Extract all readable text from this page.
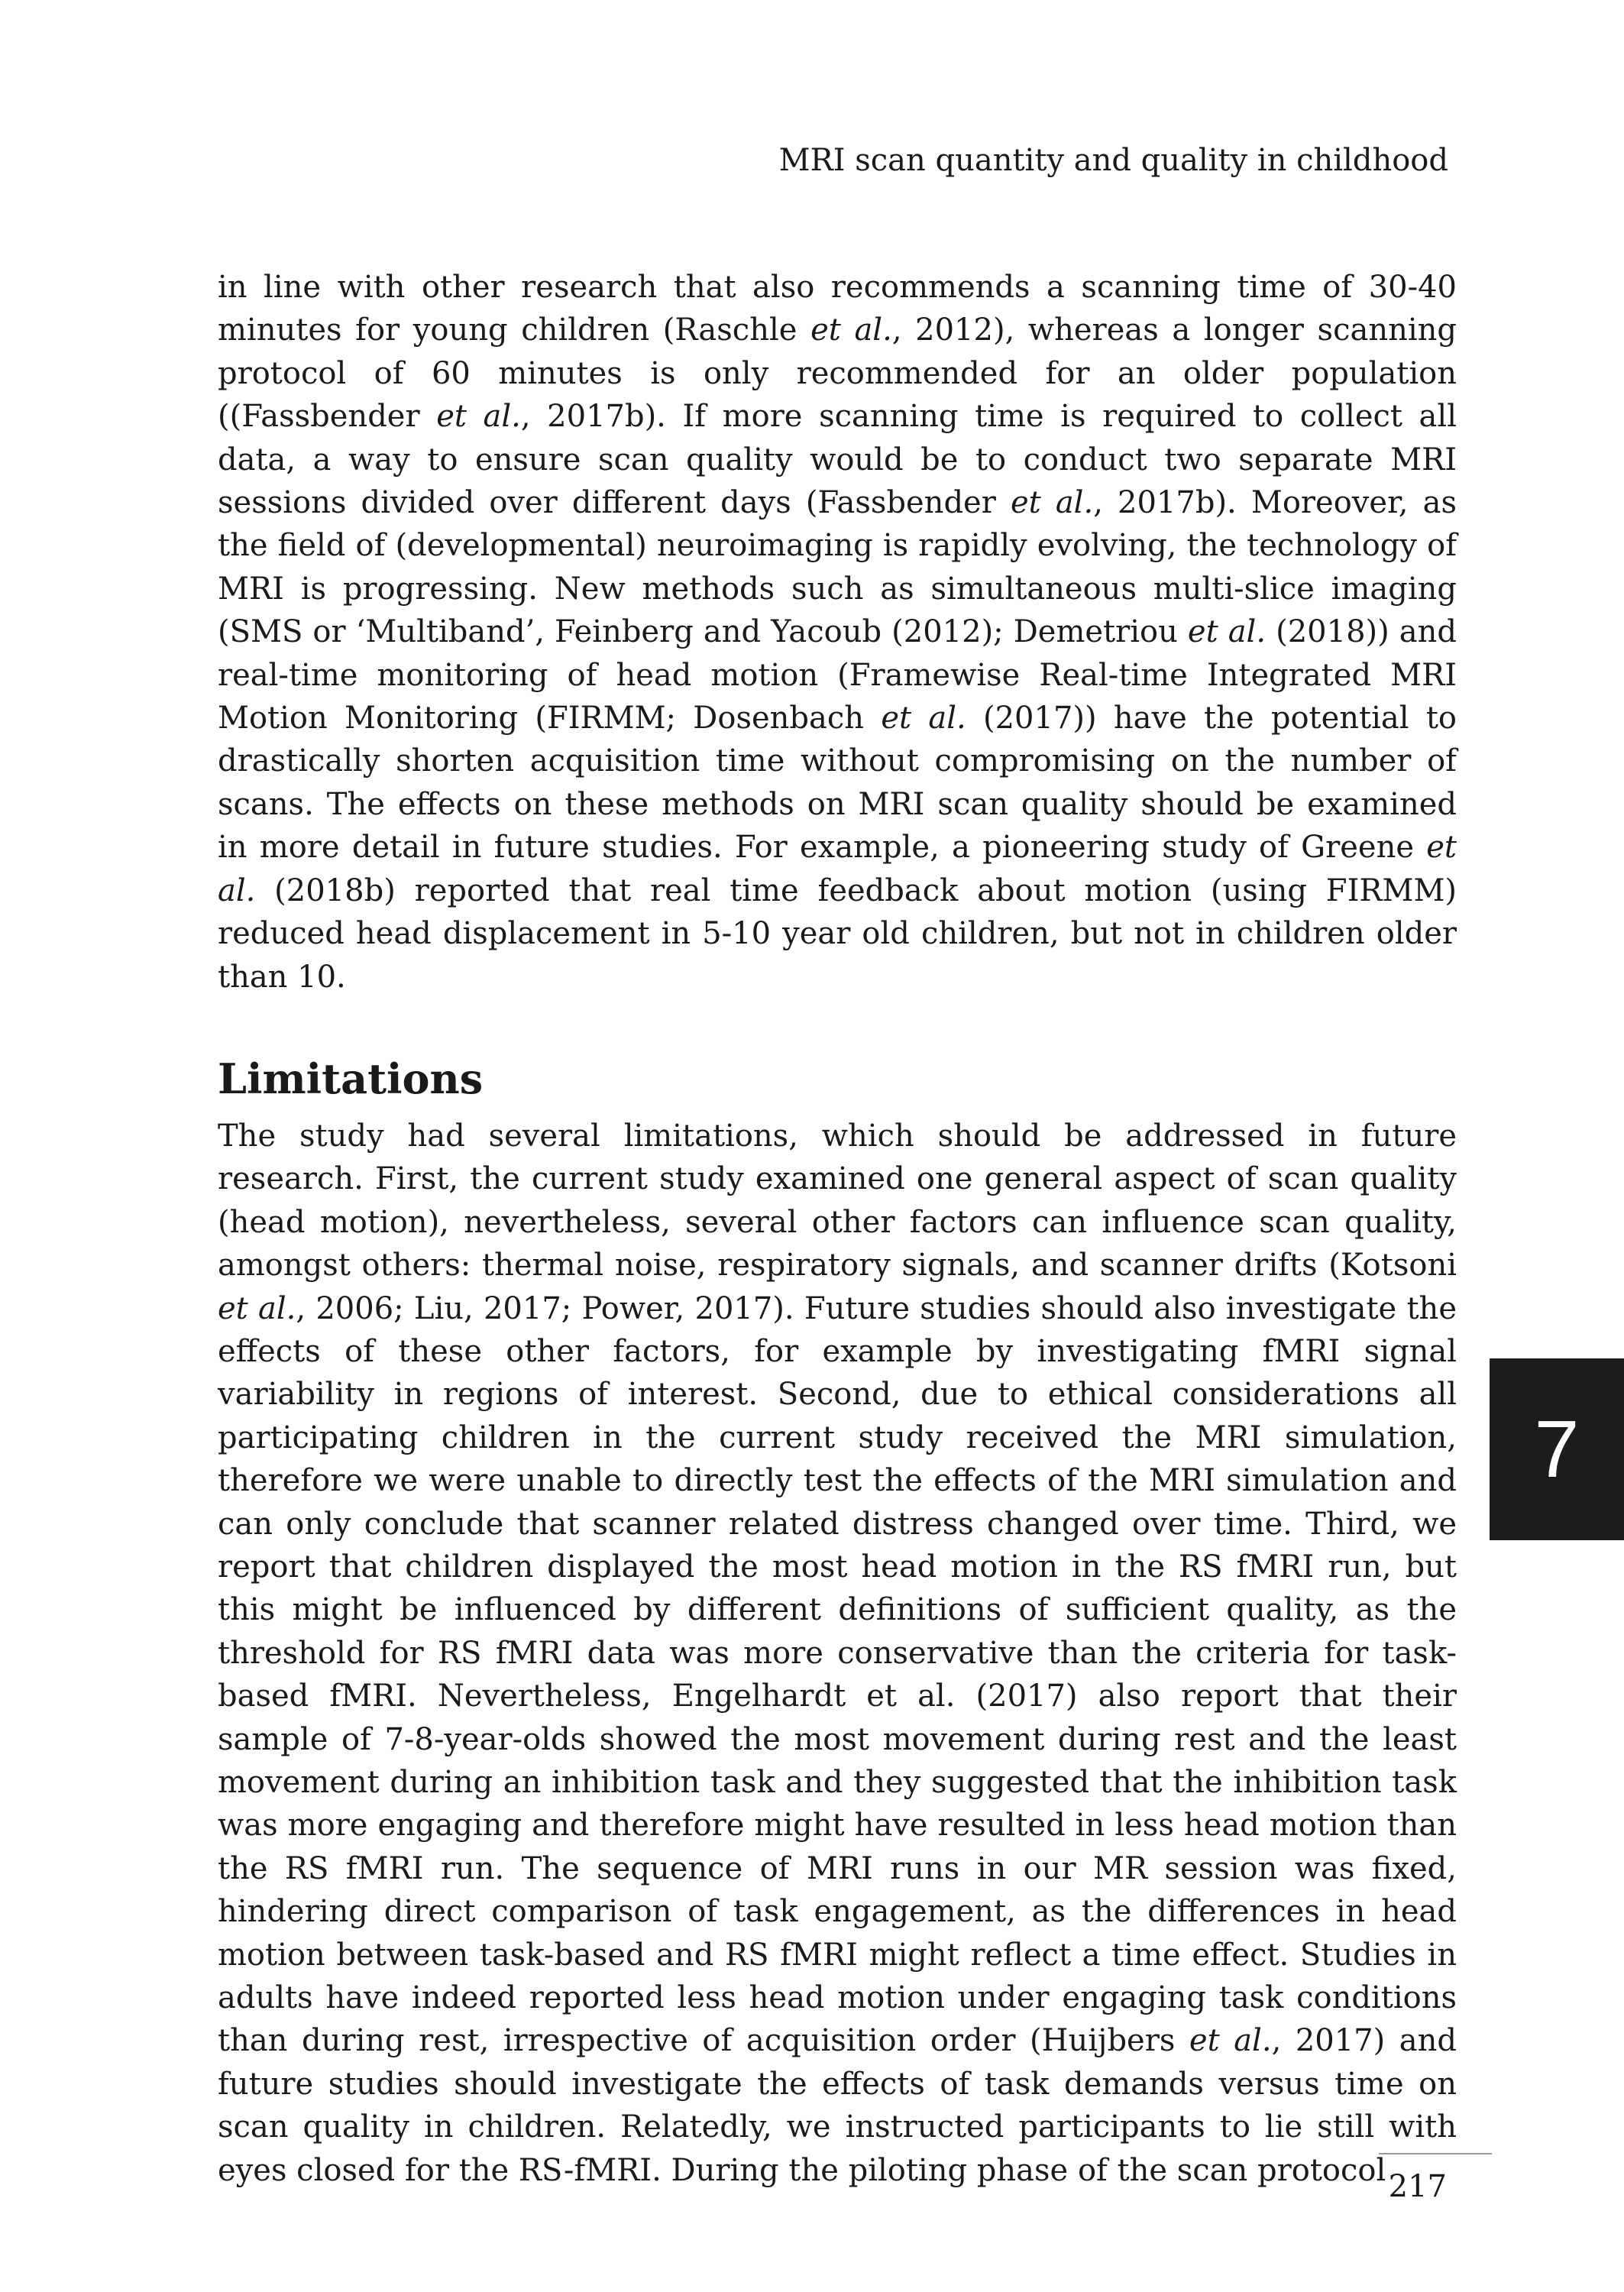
MRI scan quantity and quality in childhood

in line with other research that also recommends a scanning time of 30-40 minutes for young children (Raschle et al., 2012), whereas a longer scanning protocol of 60 minutes is only recommended for an older population ((Fassbender et al., 2017b). If more scanning time is required to collect all data, a way to ensure scan quality would be to conduct two separate MRI sessions divided over different days (Fassbender et al., 2017b). Moreover, as the field of (developmental) neuroimaging is rapidly evolving, the technology of MRI is progressing. New methods such as simultaneous multi-slice imaging (SMS or ‘Multiband’, Feinberg and Yacoub (2012); Demetriou et al. (2018)) and real-time monitoring of head motion (Framewise Real-time Integrated MRI Motion Monitoring (FIRMM; Dosenbach et al. (2017)) have the potential to drastically shorten acquisition time without compromising on the number of scans. The effects on these methods on MRI scan quality should be examined in more detail in future studies. For example, a pioneering study of Greene et al. (2018b) reported that real time feedback about motion (using FIRMM) reduced head displacement in 5-10 year old children, but not in children older than 10.

Limitations

The study had several limitations, which should be addressed in future research. First, the current study examined one general aspect of scan quality (head motion), nevertheless, several other factors can influence scan quality, amongst others: thermal noise, respiratory signals, and scanner drifts (Kotsoni et al., 2006; Liu, 2017; Power, 2017). Future studies should also investigate the effects of these other factors, for example by investigating fMRI signal variability in regions of interest. Second, due to ethical considerations all participating children in the current study received the MRI simulation, therefore we were unable to directly test the effects of the MRI simulation and can only conclude that scanner related distress changed over time. Third, we report that children displayed the most head motion in the RS fMRI run, but this might be influenced by different definitions of sufficient quality, as the threshold for RS fMRI data was more conservative than the criteria for task-based fMRI. Nevertheless, Engelhardt et al. (2017) also report that their sample of 7-8-year-olds showed the most movement during rest and the least movement during an inhibition task and they suggested that the inhibition task was more engaging and therefore might have resulted in less head motion than the RS fMRI run. The sequence of MRI runs in our MR session was fixed, hindering direct comparison of task engagement, as the differences in head motion between task-based and RS fMRI might reflect a time effect. Studies in adults have indeed reported less head motion under engaging task conditions than during rest, irrespective of acquisition order (Huijbers et al., 2017) and future studies should investigate the effects of task demands versus time on scan quality in children. Relatedly, we instructed participants to lie still with eyes closed for the RS-fMRI. During the piloting phase of the scan protocol

7
217
